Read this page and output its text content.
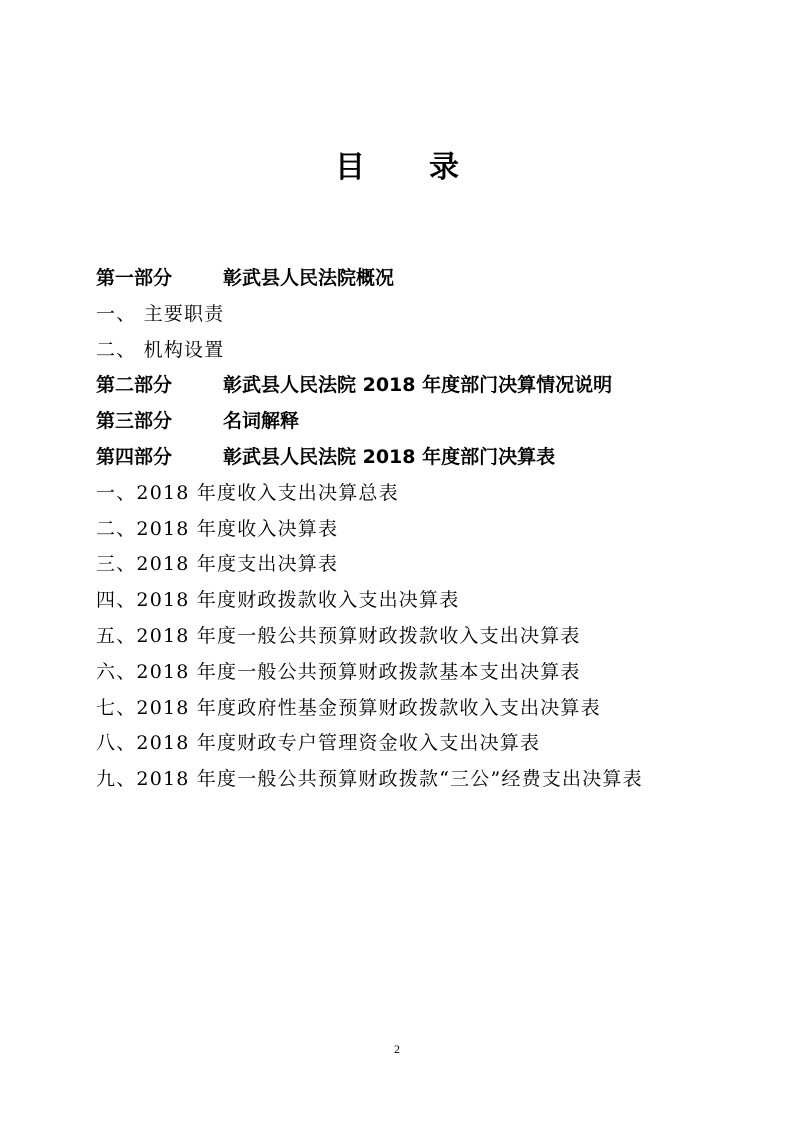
目 录
第一部分	彰武县人民法院概况
一、 主要职责
二、 机构设置
第二部分	彰武县人民法院 2018 年度部门决算情况说明
第三部分	名词解释
第四部分	彰武县人民法院 2018 年度部门决算表
一、2018 年度收入支出决算总表
二、2018 年度收入决算表
三、2018 年度支出决算表
四、2018 年度财政拨款收入支出决算表
五、2018 年度一般公共预算财政拨款收入支出决算表
六、2018 年度一般公共预算财政拨款基本支出决算表
七、2018 年度政府性基金预算财政拨款收入支出决算表
八、2018 年度财政专户管理资金收入支出决算表
九、2018 年度一般公共预算财政拨款“三公”经费支出决算表
2
